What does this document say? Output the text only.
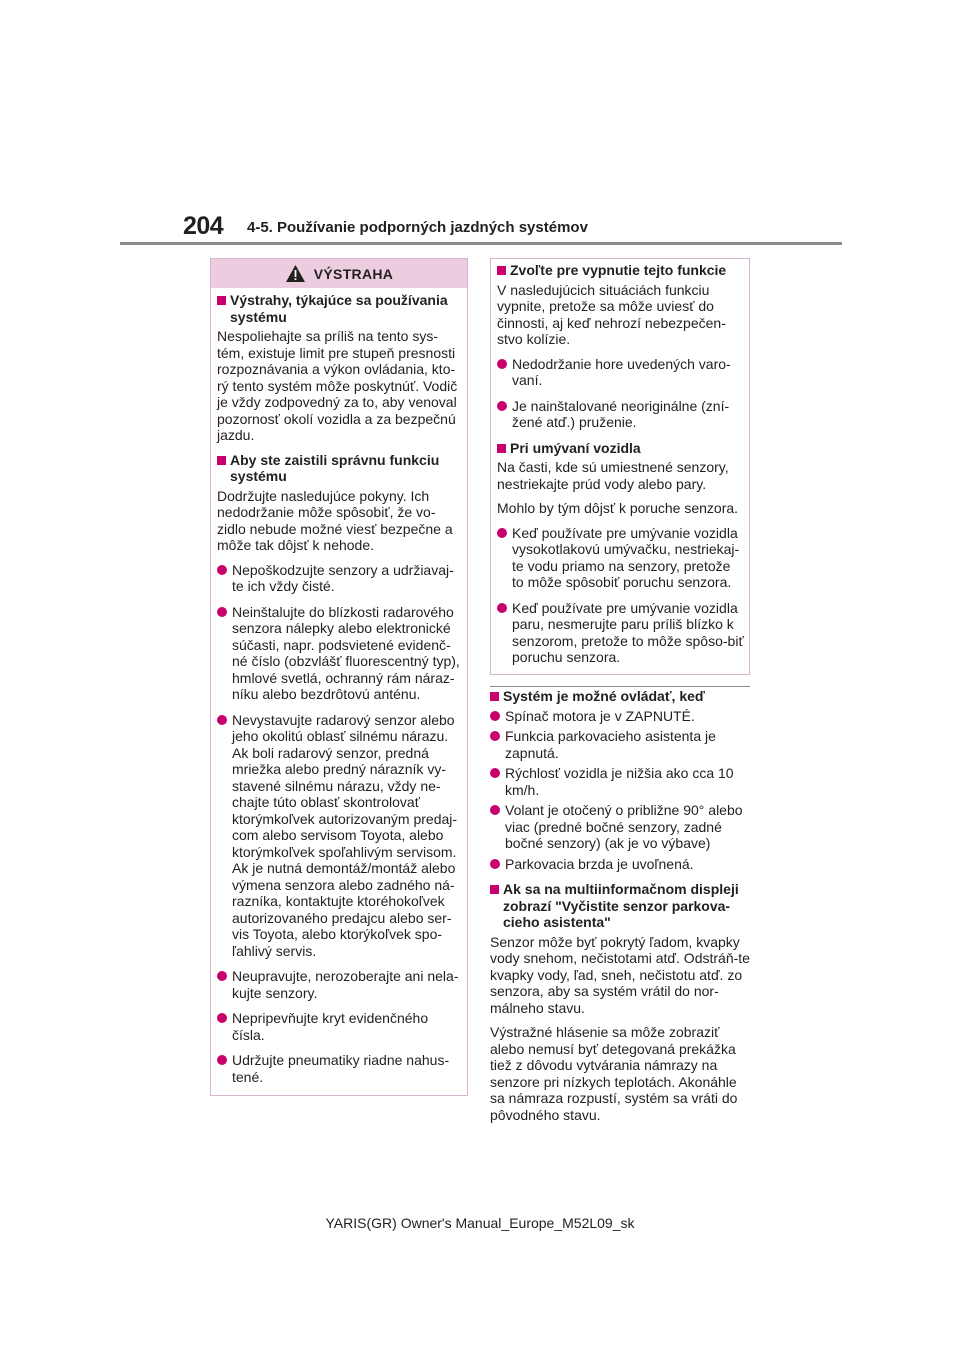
204 4-5. Používanie podporných jazdných systémov
VÝSTRAHA
Výstrahy, týkajúce sa používania systému
Nespoliehajte sa príliš na tento sys-tém, existuje limit pre stupeň presnosti rozpoznávania a výkon ovládania, kto-rý tento systém môže poskytnúť. Vodič je vždy zodpovedný za to, aby venoval pozornosť okolí vozidla a za bezpečnú jazdu.
Aby ste zaistili správnu funkciu systému
Dodržujte nasledujúce pokyny. Ich nedodržanie môže spôsobiť, že vo-zidlo nebude možné viesť bezpečne a môže tak dôjsť k nehode.
Nepoškodzujte senzory a udržiavaj-te ich vždy čisté.
Neinštalujte do blízkosti radarového senzora nálepky alebo elektronické súčasti, napr. podsvietené evidenč-né číslo (obzvlášť fluorescentný typ), hmlové svetlá, ochranný rám náraz-níku alebo bezdrôtovú anténu.
Nevystavujte radarový senzor alebo jeho okolitú oblasť silnému nárazu. Ak boli radarový senzor, predná mriežka alebo predný nárazník vy-stavené silnému nárazu, vždy ne-chajte túto oblasť skontrolovať ktorýmkoľvek autorizovaným predaj-com alebo servisom Toyota, alebo ktorýmkoľvek spoľahlivým servisom. Ak je nutná demontáž/montáž alebo výmena senzora alebo zadného ná-razníka, kontaktujte ktoréhokoľvek autorizovaného predajcu alebo ser-vis Toyota, alebo ktorýkoľvek spo-ľahlivý servis.
Neupravujte, nerozoberajte ani nela-kujte senzory.
Nepripevňujte kryt evidenčného čísla.
Udržujte pneumatiky riadne nahus-tené.
Zvoľte pre vypnutie tejto funkcie
V nasledujúcich situáciách funkciu vypnite, pretože sa môže uviesť do činnosti, aj keď nehrozí nebezpečen-stvo kolízie.
Nedodržanie hore uvedených varo-vaní.
Je nainštalované neoriginálne (zní-žené atď.) pruženie.
Pri umývaní vozidla
Na časti, kde sú umiestnené senzory, nestriekajte prúd vody alebo pary.
Mohlo by tým dôjsť k poruche senzora.
Keď používate pre umývanie vozidla vysokotlakovú umývačku, nestriekaj-te vodu priamo na senzory, pretože to môže spôsobiť poruchu senzora.
Keď používate pre umývanie vozidla paru, nesmerujte paru príliš blízko k senzorom, pretože to môže spôso-biť poruchu senzora.
Systém je možné ovládať, keď
Spínač motora je v ZAPNUTÉ.
Funkcia parkovacieho asistenta je zapnutá.
Rýchlosť vozidla je nižšia ako cca 10 km/h.
Volant je otočený o približne 90° alebo viac (predné bočné senzory, zadné bočné senzory) (ak je vo výbave)
Parkovacia brzda je uvoľnená.
Ak sa na multiinformačnom displeji zobrazí "Vyčistite senzor parkova-cieho asistenta"
Senzor môže byť pokrytý ľadom, kvapky vody snehom, nečistotami atď. Odstráň-te kvapky vody, ľad, sneh, nečistotu atď. zo senzora, aby sa systém vrátil do nor-málneho stavu.
Výstražné hlásenie sa môže zobraziť alebo nemusí byť detegovaná prekážka tiež z dôvodu vytvárania námrazy na senzore pri nízkych teplotách. Akonáhle sa námraza rozpustí, systém sa vráti do pôvodného stavu.
YARIS(GR) Owner's Manual_Europe_M52L09_sk
